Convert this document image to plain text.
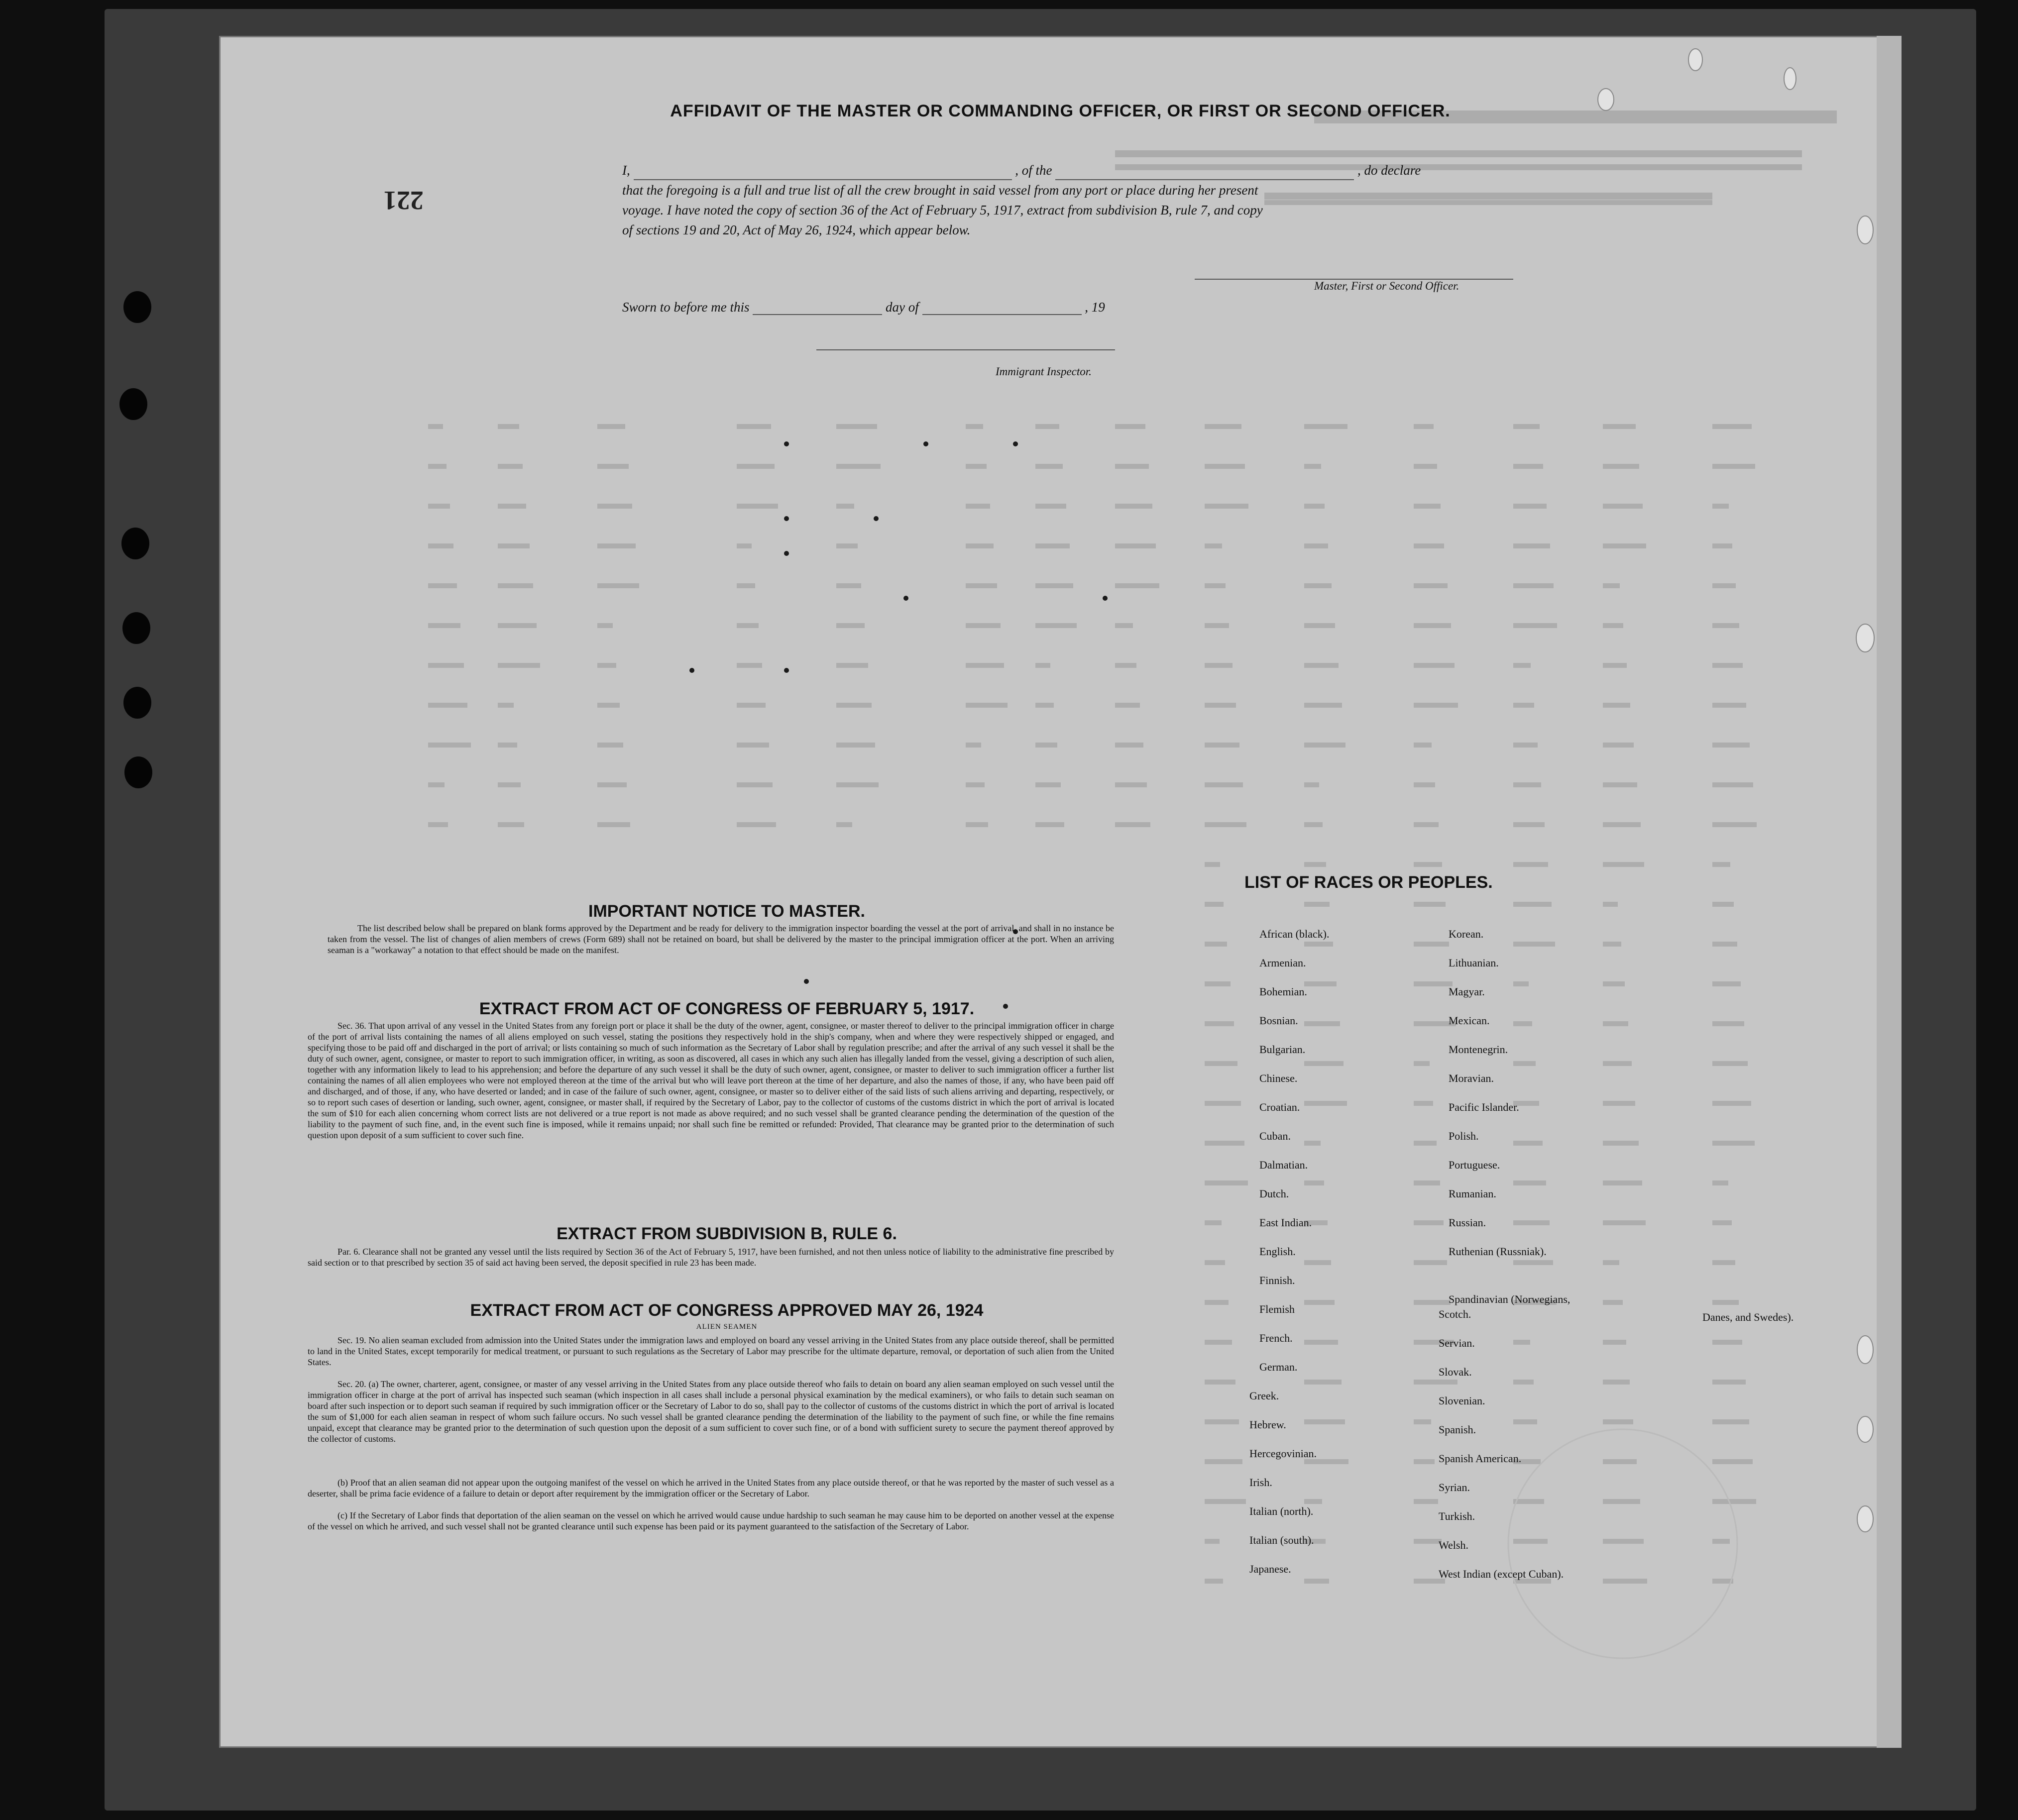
221
AFFIDAVIT OF THE MASTER OR COMMANDING OFFICER, OR FIRST OR SECOND OFFICER.
I,	, of the	, do declare
that the foregoing is a full and true list of all the crew brought in said vessel from any port or place during her present
voyage. I have noted the copy of section 36 of the Act of February 5, 1917, extract from subdivision B, rule 7, and copy
of sections 19 and 20, Act of May 26, 1924, which appear below.
Master, First or Second Officer.
Sworn to before me this	day of	, 19
Immigrant Inspector.
IMPORTANT NOTICE TO MASTER.
The list described below shall be prepared on blank forms approved by the Department and be ready for delivery to the immigration inspector boarding the vessel at the port of arrival, and shall in no instance be taken from the vessel. The list of changes of alien members of crews (Form 689) shall not be retained on board, but shall be delivered by the master to the principal immigration officer at the port. When an arriving seaman is a "workaway" a notation to that effect should be made on the manifest.
EXTRACT FROM ACT OF CONGRESS OF FEBRUARY 5, 1917.
Sec. 36. That upon arrival of any vessel in the United States from any foreign port or place it shall be the duty of the owner, agent, consignee, or master thereof to deliver to the principal immigration officer in charge of the port of arrival lists containing the names of all aliens employed on such vessel, stating the positions they respectively hold in the ship's company, when and where they were respectively shipped or engaged, and specifying those to be paid off and discharged in the port of arrival; or lists containing so much of such information as the Secretary of Labor shall by regulation prescribe; and after the arrival of any such vessel it shall be the duty of such owner, agent, consignee, or master to report to such immigration officer, in writing, as soon as discovered, all cases in which any such alien has illegally landed from the vessel, giving a description of such alien, together with any information likely to lead to his apprehension; and before the departure of any such vessel it shall be the duty of such owner, agent, consignee, or master to deliver to such immigration officer a further list containing the names of all alien employees who were not employed thereon at the time of the arrival but who will leave port thereon at the time of her departure, and also the names of those, if any, who have been paid off and discharged, and of those, if any, who have deserted or landed; and in case of the failure of such owner, agent, consignee, or master so to deliver either of the said lists of such aliens arriving and departing, respectively, or so to report such cases of desertion or landing, such owner, agent, consignee, or master shall, if required by the Secretary of Labor, pay to the collector of customs of the customs district in which the port of arrival is located the sum of $10 for each alien concerning whom correct lists are not delivered or a true report is not made as above required; and no such vessel shall be granted clearance pending the determination of the question of the liability to the payment of such fine, and, in the event such fine is imposed, while it remains unpaid; nor shall such fine be remitted or refunded: Provided, That clearance may be granted prior to the determination of such question upon deposit of a sum sufficient to cover such fine.
EXTRACT FROM SUBDIVISION B, RULE 6.
Par. 6. Clearance shall not be granted any vessel until the lists required by Section 36 of the Act of February 5, 1917, have been furnished, and not then unless notice of liability to the administrative fine prescribed by said section or to that prescribed by section 35 of said act having been served, the deposit specified in rule 23 has been made.
EXTRACT FROM ACT OF CONGRESS APPROVED MAY 26, 1924
ALIEN SEAMEN
Sec. 19. No alien seaman excluded from admission into the United States under the immigration laws and employed on board any vessel arriving in the United States from any place outside thereof, shall be permitted to land in the United States, except temporarily for medical treatment, or pursuant to such regulations as the Secretary of Labor may prescribe for the ultimate departure, removal, or deportation of such alien from the United States.
Sec. 20. (a) The owner, charterer, agent, consignee, or master of any vessel arriving in the United States from any place outside thereof who fails to detain on board any alien seaman employed on such vessel until the immigration officer in charge at the port of arrival has inspected such seaman (which inspection in all cases shall include a personal physical examination by the medical examiners), or who fails to detain such seaman on board after such inspection or to deport such seaman if required by such immigration officer or the Secretary of Labor to do so, shall pay to the collector of customs of the customs district in which the port of arrival is located the sum of $1,000 for each alien seaman in respect of whom such failure occurs. No such vessel shall be granted clearance pending the determination of the liability to the payment of such fine, or while the fine remains unpaid, except that clearance may be granted prior to the determination of such question upon the deposit of a sum sufficient to cover such fine, or of a bond with sufficient surety to secure the payment thereof approved by the collector of customs.
(b) Proof that an alien seaman did not appear upon the outgoing manifest of the vessel on which he arrived in the United States from any place outside thereof, or that he was reported by the master of such vessel as a deserter, shall be prima facie evidence of a failure to detain or deport after requirement by the immigration officer or the Secretary of Labor.
(c) If the Secretary of Labor finds that deportation of the alien seaman on the vessel on which he arrived would cause undue hardship to such seaman he may cause him to be deported on another vessel at the expense of the vessel on which he arrived, and such vessel shall not be granted clearance until such expense has been paid or its payment guaranteed to the satisfaction of the Secretary of Labor.
LIST OF RACES OR PEOPLES.
African (black).
Armenian.
Bohemian.
Bosnian.
Bulgarian.
Chinese.
Croatian.
Cuban.
Dalmatian.
Dutch.
East Indian.
English.
Finnish.
Flemish
French.
German.
Greek.
Hebrew.
Hercegovinian.
Irish.
Italian (north).
Italian (south).
Japanese.
Korean.
Lithuanian.
Magyar.
Mexican.
Montenegrin.
Moravian.
Pacific Islander.
Polish.
Portuguese.
Rumanian.
Russian.
Ruthenian (Russniak).
Spandinavian (Norwegians,
Scotch.
Servian.
Slovak.
Slovenian.
Spanish.
Spanish American.
Syrian.
Turkish.
Welsh.
West Indian (except Cuban).
Danes, and Swedes).
